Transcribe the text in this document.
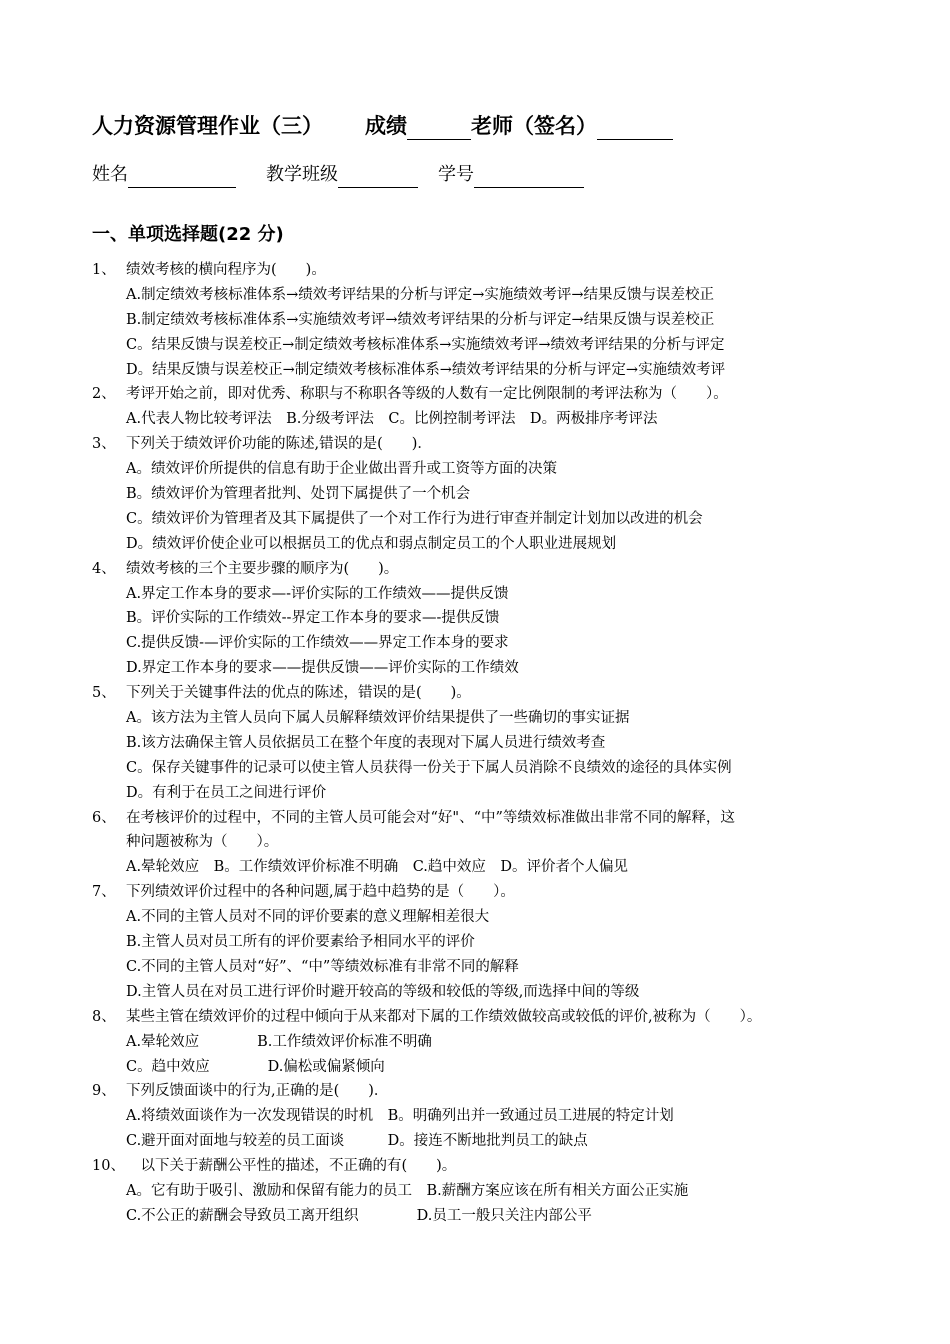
人力资源管理作业（三） 成绩	老师（签名）
姓名	教学班级	学号
一、单项选择题(22 分)
1、 绩效考核的横向程序为(　　)。
A.制定绩效考核标准体系→绩效考评结果的分析与评定→实施绩效考评→结果反馈与误差校正
B.制定绩效考核标准体系→实施绩效考评→绩效考评结果的分析与评定→结果反馈与误差校正
C。结果反馈与误差校正→制定绩效考核标准体系→实施绩效考评→绩效考评结果的分析与评定
D。结果反馈与误差校正→制定绩效考核标准体系→绩效考评结果的分析与评定→实施绩效考评
2、 考评开始之前，即对优秀、称职与不称职各等级的人数有一定比例限制的考评法称为（　　）。
A.代表人物比较考评法　B.分级考评法　C。比例控制考评法　D。两极排序考评法
3、 下列关于绩效评价功能的陈述,错误的是(　　)．
A。绩效评价所提供的信息有助于企业做出晋升或工资等方面的决策
B。绩效评价为管理者批判、处罚下属提供了一个机会
C。绩效评价为管理者及其下属提供了一个对工作行为进行审查并制定计划加以改进的机会
D。绩效评价使企业可以根据员工的优点和弱点制定员工的个人职业进展规划
4、 绩效考核的三个主要步骤的顺序为(　　)。
A.界定工作本身的要求—-评价实际的工作绩效——提供反馈
B。评价实际的工作绩效--界定工作本身的要求—-提供反馈
C.提供反馈-—评价实际的工作绩效——界定工作本身的要求
D.界定工作本身的要求——提供反馈——评价实际的工作绩效
5、 下列关于关键事件法的优点的陈述，错误的是(　　)。
A。该方法为主管人员向下属人员解释绩效评价结果提供了一些确切的事实证据
B.该方法确保主管人员依据员工在整个年度的表现对下属人员进行绩效考查
C。保存关键事件的记录可以使主管人员获得一份关于下属人员消除不良绩效的途径的具体实例
D。有利于在员工之间进行评价
6、 在考核评价的过程中，不同的主管人员可能会对“好"、“中”等绩效标准做出非常不同的解释，这
种问题被称为（　　）。
A.晕轮效应　B。工作绩效评价标准不明确　C.趋中效应　D。评价者个人偏见
7、 下列绩效评价过程中的各种问题,属于趋中趋势的是（　　）。
A.不同的主管人员对不同的评价要素的意义理解相差很大
B.主管人员对员工所有的评价要素给予相同水平的评价
C.不同的主管人员对“好”、“中”等绩效标准有非常不同的解释
D.主管人员在对员工进行评价时避开较高的等级和较低的等级,而选择中间的等级
8、 某些主管在绩效评价的过程中倾向于从来都对下属的工作绩效做较高或较低的评价,被称为（　　）。
A.晕轮效应　　　　B.工作绩效评价标准不明确
C。趋中效应　　　　D.偏松或偏紧倾向
9、 下列反馈面谈中的行为,正确的是(　　)．
A.将绩效面谈作为一次发现错误的时机　B。明确列出并一致通过员工进展的特定计划
C.避开面对面地与较差的员工面谈　　　D。接连不断地批判员工的缺点
10、　以下关于薪酬公平性的描述，不正确的有(　　)。
A。它有助于吸引、激励和保留有能力的员工　B.薪酬方案应该在所有相关方面公正实施
C.不公正的薪酬会导致员工离开组织　　　　D.员工一般只关注内部公平
